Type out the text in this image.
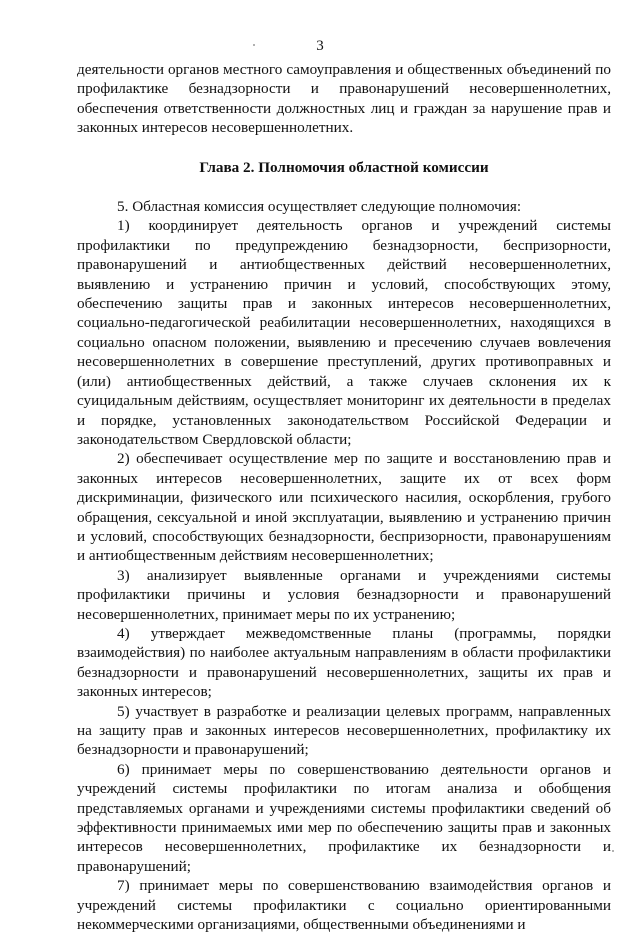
3

деятельности органов местного самоуправления и общественных объединений по профилактике безнадзорности и правонарушений несовершеннолетних, обеспечения ответственности должностных лиц и граждан за нарушение прав и законных интересов несовершеннолетних.

Глава 2. Полномочия областной комиссии

5. Областная комиссия осуществляет следующие полномочия:

1) координирует деятельность органов и учреждений системы профилактики по предупреждению безнадзорности, беспризорности, правонарушений и антиобщественных действий несовершеннолетних, выявлению и устранению причин и условий, способствующих этому, обеспечению защиты прав и законных интересов несовершеннолетних, социально-педагогической реабилитации несовершеннолетних, находящихся в социально опасном положении, выявлению и пресечению случаев вовлечения несовершеннолетних в совершение преступлений, других противоправных и (или) антиобщественных действий, а также случаев склонения их к суицидальным действиям, осуществляет мониторинг их деятельности в пределах и порядке, установленных законодательством Российской Федерации и законодательством Свердловской области;

2) обеспечивает осуществление мер по защите и восстановлению прав и законных интересов несовершеннолетних, защите их от всех форм дискриминации, физического или психического насилия, оскорбления, грубого обращения, сексуальной и иной эксплуатации, выявлению и устранению причин и условий, способствующих безнадзорности, беспризорности, правонарушениям и антиобщественным действиям несовершеннолетних;

3) анализирует выявленные органами и учреждениями системы профилактики причины и условия безнадзорности и правонарушений несовершеннолетних, принимает меры по их устранению;

4) утверждает межведомственные планы (программы, порядки взаимодействия) по наиболее актуальным направлениям в области профилактики безнадзорности и правонарушений несовершеннолетних, защиты их прав и законных интересов;

5) участвует в разработке и реализации целевых программ, направленных на защиту прав и законных интересов несовершеннолетних, профилактику их безнадзорности и правонарушений;

6) принимает меры по совершенствованию деятельности органов и учреждений системы профилактики по итогам анализа и обобщения представляемых органами и учреждениями системы профилактики сведений об эффективности принимаемых ими мер по обеспечению защиты прав и законных интересов несовершеннолетних, профилактике их безнадзорности и правонарушений;

7) принимает меры по совершенствованию взаимодействия органов и учреждений системы профилактики с социально ориентированными некоммерческими организациями, общественными объединениями и
